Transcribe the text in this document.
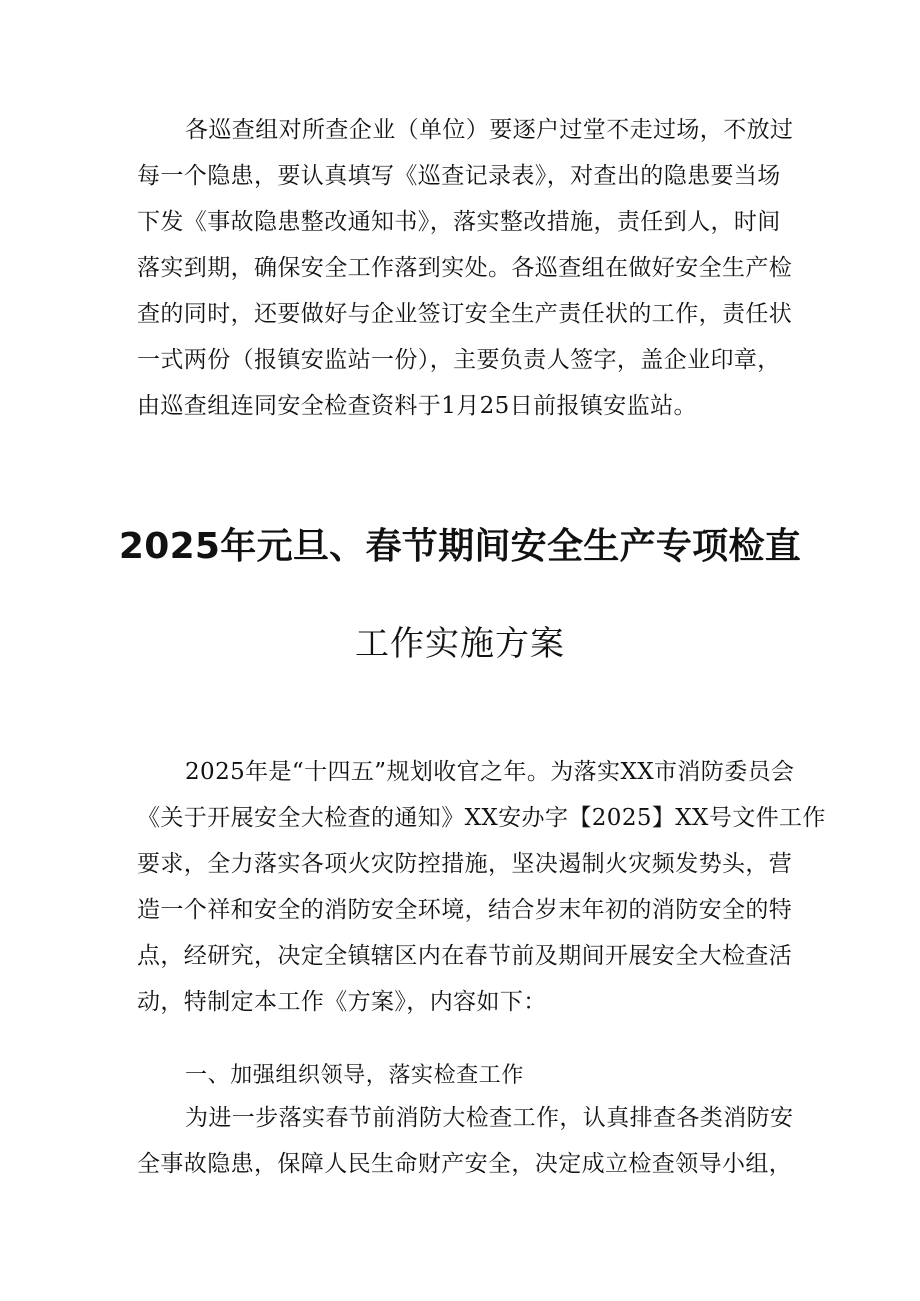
各巡查组对所查企业（单位）要逐户过堂不走过场，不放过
每一个隐患，要认真填写《巡查记录表》，对查出的隐患要当场
下发《事故隐患整改通知书》，落实整改措施，责任到人，时间
落实到期，确保安全工作落到实处。各巡查组在做好安全生产检
查的同时，还要做好与企业签订安全生产责任状的工作，责任状
一式两份（报镇安监站一份），主要负责人签字，盖企业印章，
由巡查组连同安全检查资料于1月25日前报镇安监站。
2025年元旦、春节期间安全生产专项检直
工作实施方案
2025年是“十四五”规划收官之年。为落实XX市消防委员会
《关于开展安全大检查的通知》XX安办字【2025】XX号文件工作
要求，全力落实各项火灾防控措施，坚决遏制火灾频发势头，营
造一个祥和安全的消防安全环境，结合岁末年初的消防安全的特
点，经研究，决定全镇辖区内在春节前及期间开展安全大检查活
动，特制定本工作《方案》，内容如下：
一、加强组织领导，落实检查工作
为进一步落实春节前消防大检查工作，认真排查各类消防安
全事故隐患，保障人民生命财产安全，决定成立检查领导小组，
